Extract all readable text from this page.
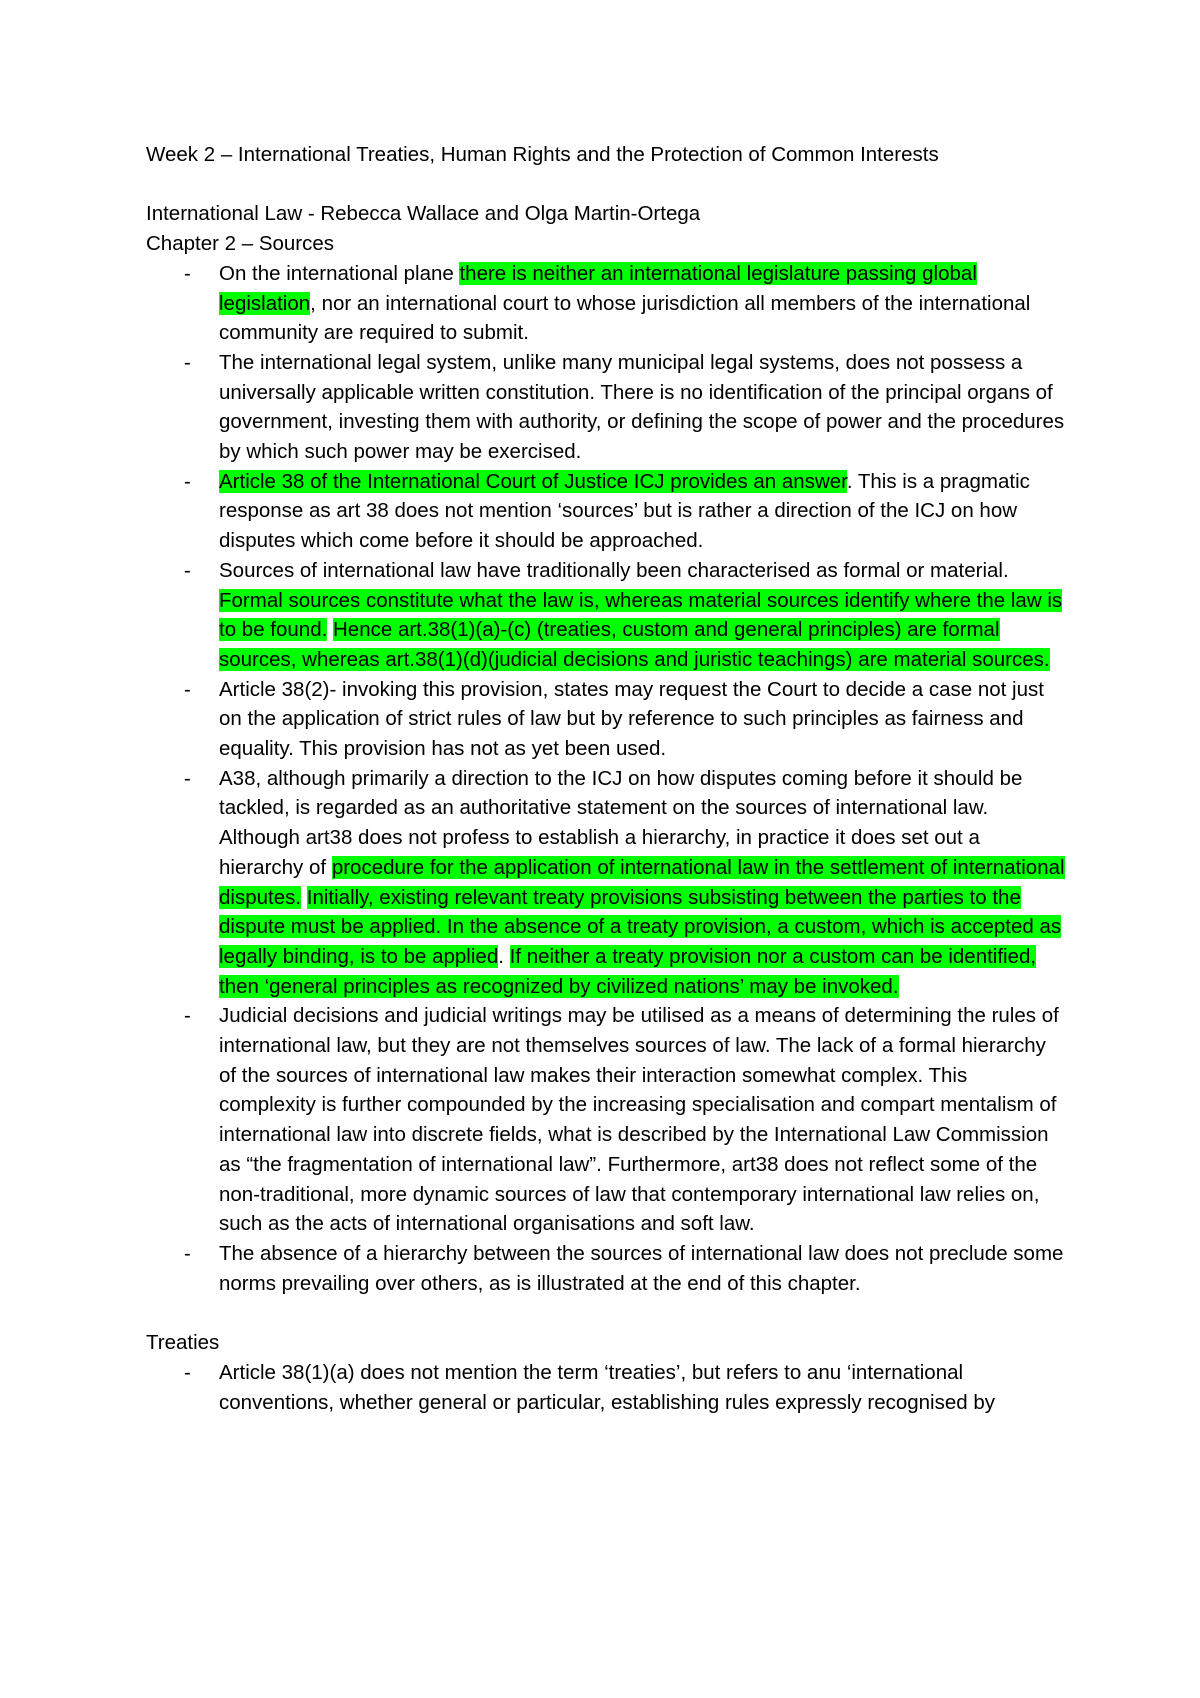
Week 2 – International Treaties, Human Rights and the Protection of Common Interests

International Law - Rebecca Wallace and Olga Martin-Ortega

Chapter 2 – Sources

- On the international plane there is neither an international legislature passing global legislation, nor an international court to whose jurisdiction all members of the international community are required to submit.
- The international legal system, unlike many municipal legal systems, does not possess a universally applicable written constitution. There is no identification of the principal organs of government, investing them with authority, or defining the scope of power and the procedures by which such power may be exercised.
- Article 38 of the International Court of Justice ICJ provides an answer. This is a pragmatic response as art 38 does not mention ‘sources’ but is rather a direction of the ICJ on how disputes which come before it should be approached.
- Sources of international law have traditionally been characterised as formal or material. Formal sources constitute what the law is, whereas material sources identify where the law is to be found. Hence art.38(1)(a)-(c) (treaties, custom and general principles) are formal sources, whereas art.38(1)(d)(judicial decisions and juristic teachings) are material sources.
- Article 38(2)- invoking this provision, states may request the Court to decide a case not just on the application of strict rules of law but by reference to such principles as fairness and equality. This provision has not as yet been used.
- A38, although primarily a direction to the ICJ on how disputes coming before it should be tackled, is regarded as an authoritative statement on the sources of international law. Although art38 does not profess to establish a hierarchy, in practice it does set out a hierarchy of procedure for the application of international law in the settlement of international disputes. Initially, existing relevant treaty provisions subsisting between the parties to the dispute must be applied. In the absence of a treaty provision, a custom, which is accepted as legally binding, is to be applied. If neither a treaty provision nor a custom can be identified, then ‘general principles as recognized by civilized nations’ may be invoked.
- Judicial decisions and judicial writings may be utilised as a means of determining the rules of international law, but they are not themselves sources of law. The lack of a formal hierarchy of the sources of international law makes their interaction somewhat complex. This complexity is further compounded by the increasing specialisation and compart mentalism of international law into discrete fields, what is described by the International Law Commission as “the fragmentation of international law”. Furthermore, art38 does not reflect some of the non-traditional, more dynamic sources of law that contemporary international law relies on, such as the acts of international organisations and soft law.
- The absence of a hierarchy between the sources of international law does not preclude some norms prevailing over others, as is illustrated at the end of this chapter.

Treaties

- Article 38(1)(a) does not mention the term ‘treaties’, but refers to anu ‘international conventions, whether general or particular, establishing rules expressly recognised by
